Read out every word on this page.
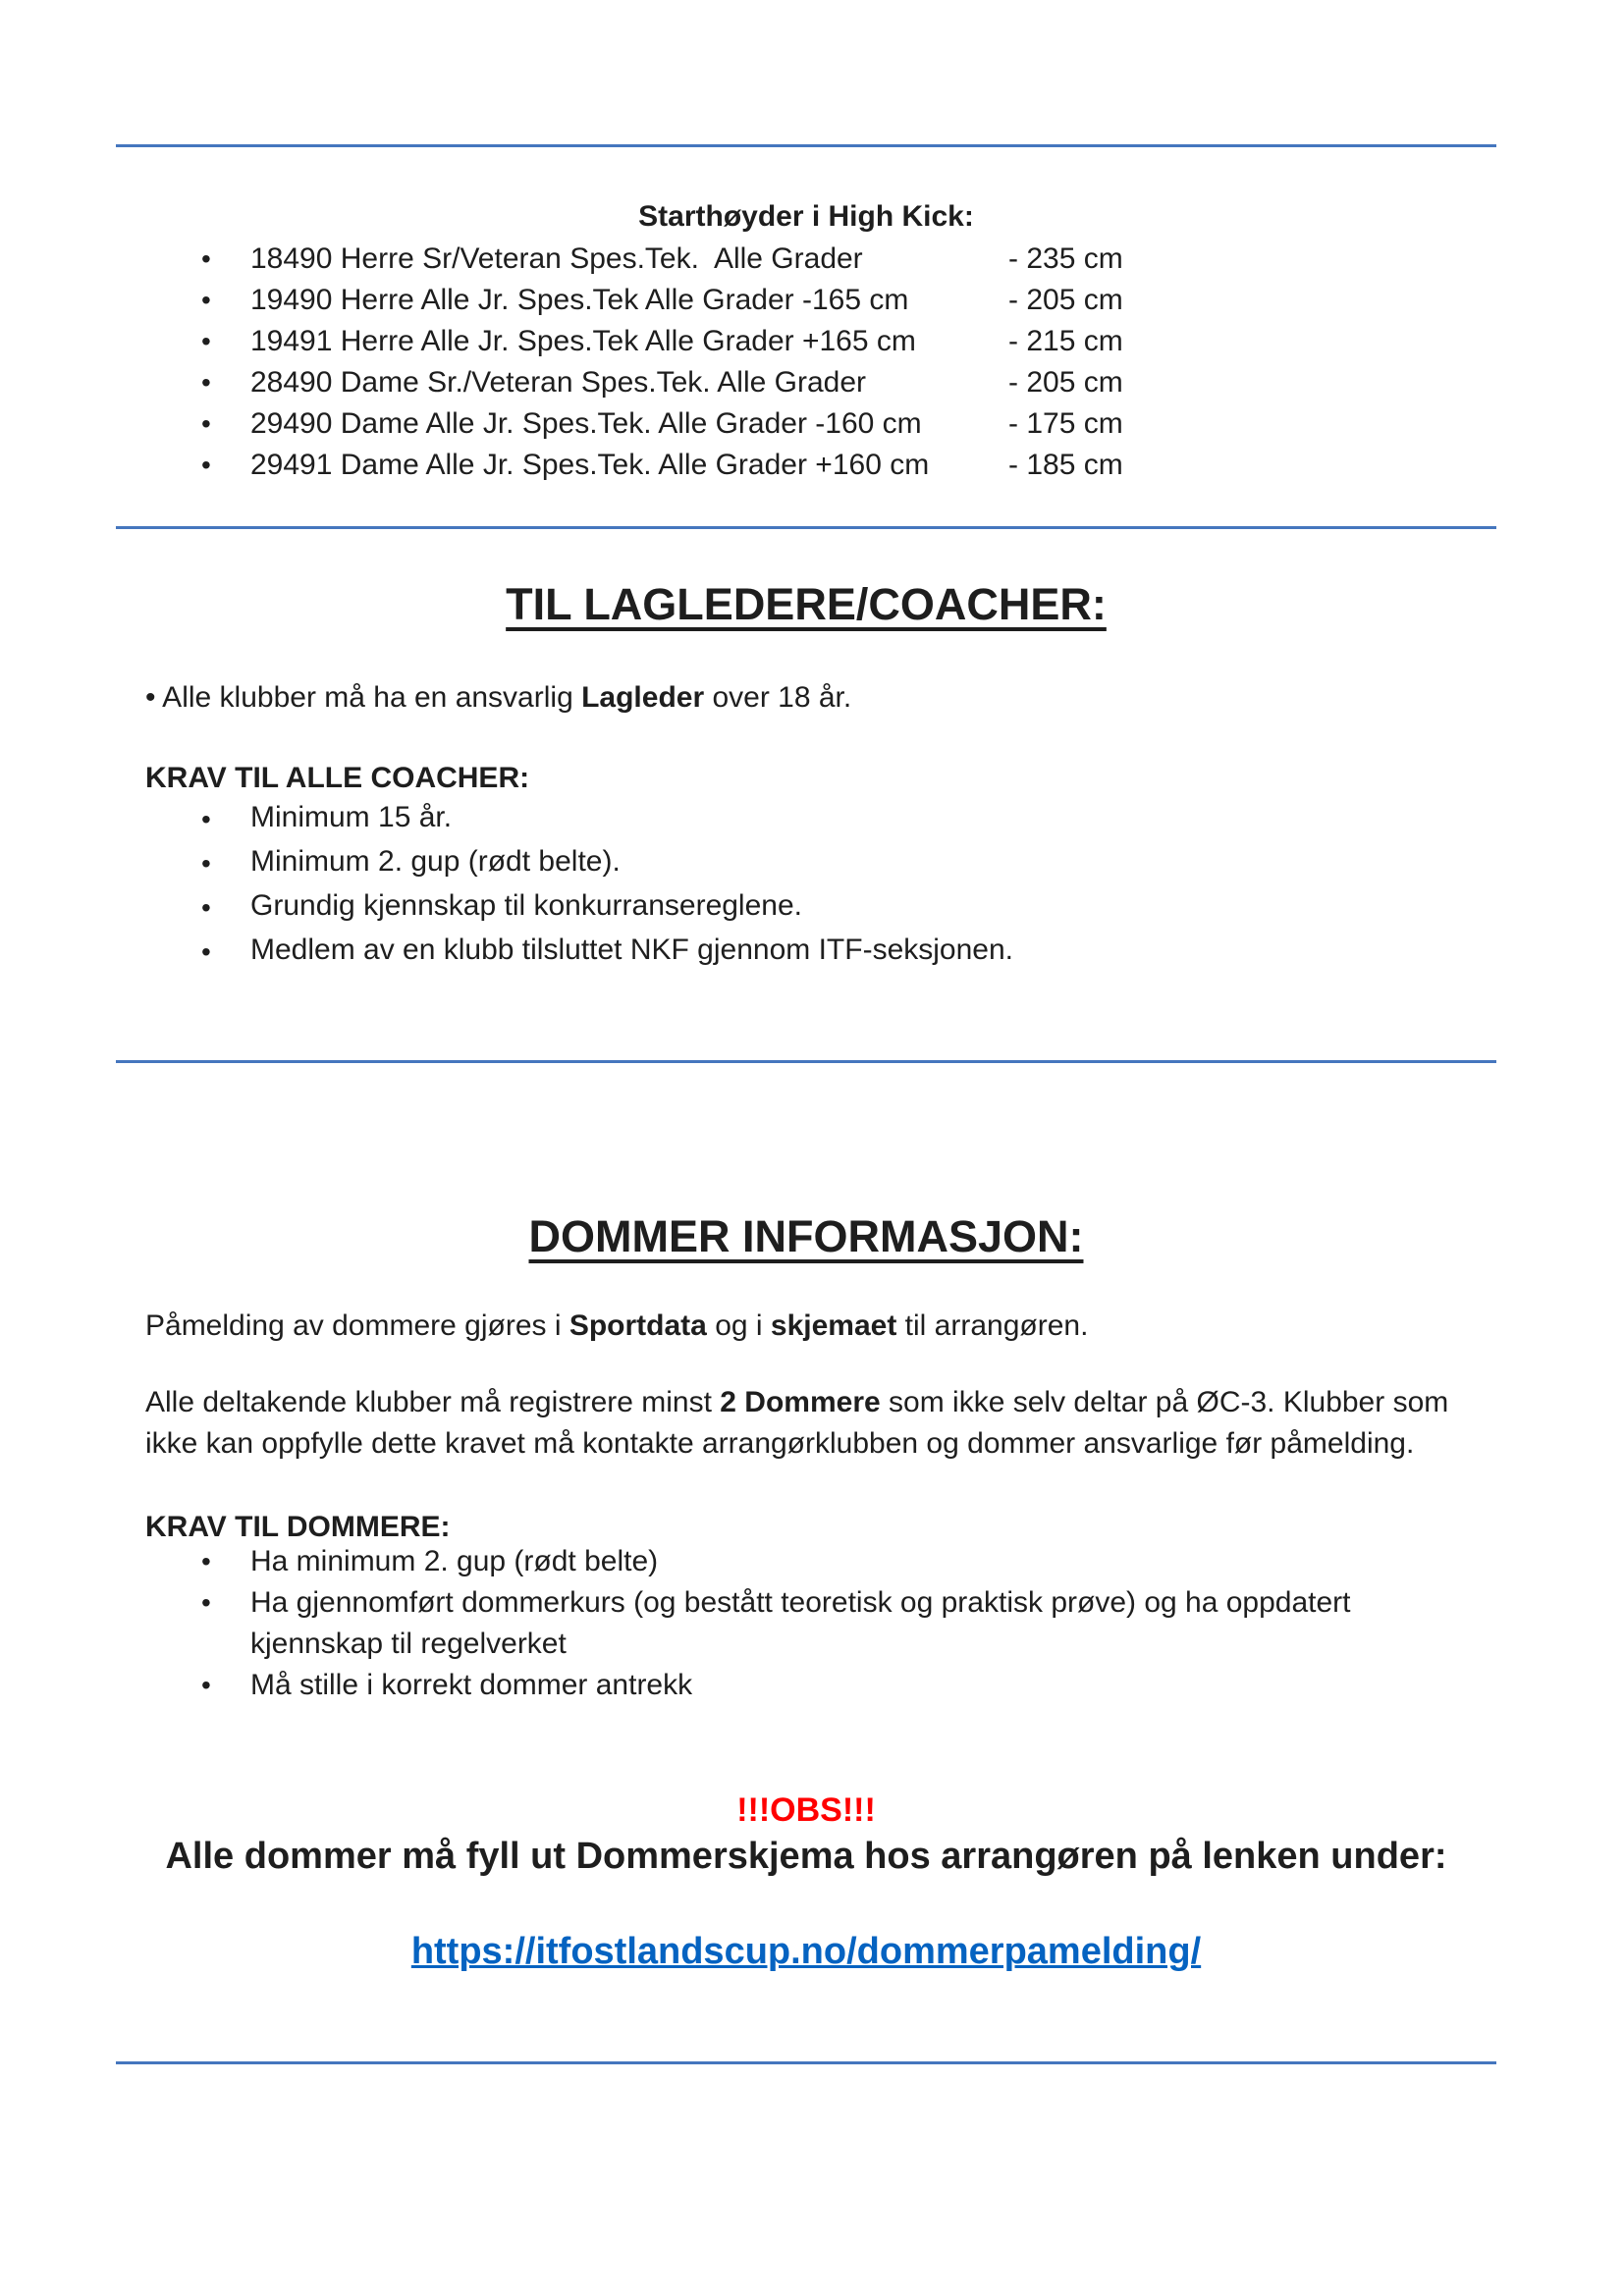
Starthøyder i High Kick:
•	18490 Herre Sr/Veteran Spes.Tek.  Alle Grader	- 235 cm
•	19490 Herre Alle Jr. Spes.Tek Alle Grader -165 cm	- 205 cm
•	19491 Herre Alle Jr. Spes.Tek Alle Grader +165 cm	- 215 cm
•	28490 Dame Sr./Veteran Spes.Tek. Alle Grader	- 205 cm
•	29490 Dame Alle Jr. Spes.Tek. Alle Grader -160 cm	- 175 cm
•	29491 Dame Alle Jr. Spes.Tek. Alle Grader +160 cm	- 185 cm
TIL LAGLEDERE/COACHER:
• Alle klubber må ha en ansvarlig Lagleder over 18 år.
KRAV TIL ALLE COACHER:
•	Minimum 15 år.
•	Minimum 2. gup (rødt belte).
•	Grundig kjennskap til konkurransereglene.
•	Medlem av en klubb tilsluttet NKF gjennom ITF-seksjonen.
DOMMER INFORMASJON:
Påmelding av dommere gjøres i Sportdata og i skjemaet til arrangøren.
Alle deltakende klubber må registrere minst 2 Dommere som ikke selv deltar på ØC-3. Klubber som
ikke kan oppfylle dette kravet må kontakte arrangørklubben og dommer ansvarlige før påmelding.
KRAV TIL DOMMERE:
•	Ha minimum 2. gup (rødt belte)
•	Ha gjennomført dommerkurs (og bestått teoretisk og praktisk prøve) og ha oppdatert
kjennskap til regelverket
•	Må stille i korrekt dommer antrekk
!!!OBS!!!
Alle dommer må fyll ut Dommerskjema hos arrangøren på lenken under:
https://itfostlandscup.no/dommerpamelding/
